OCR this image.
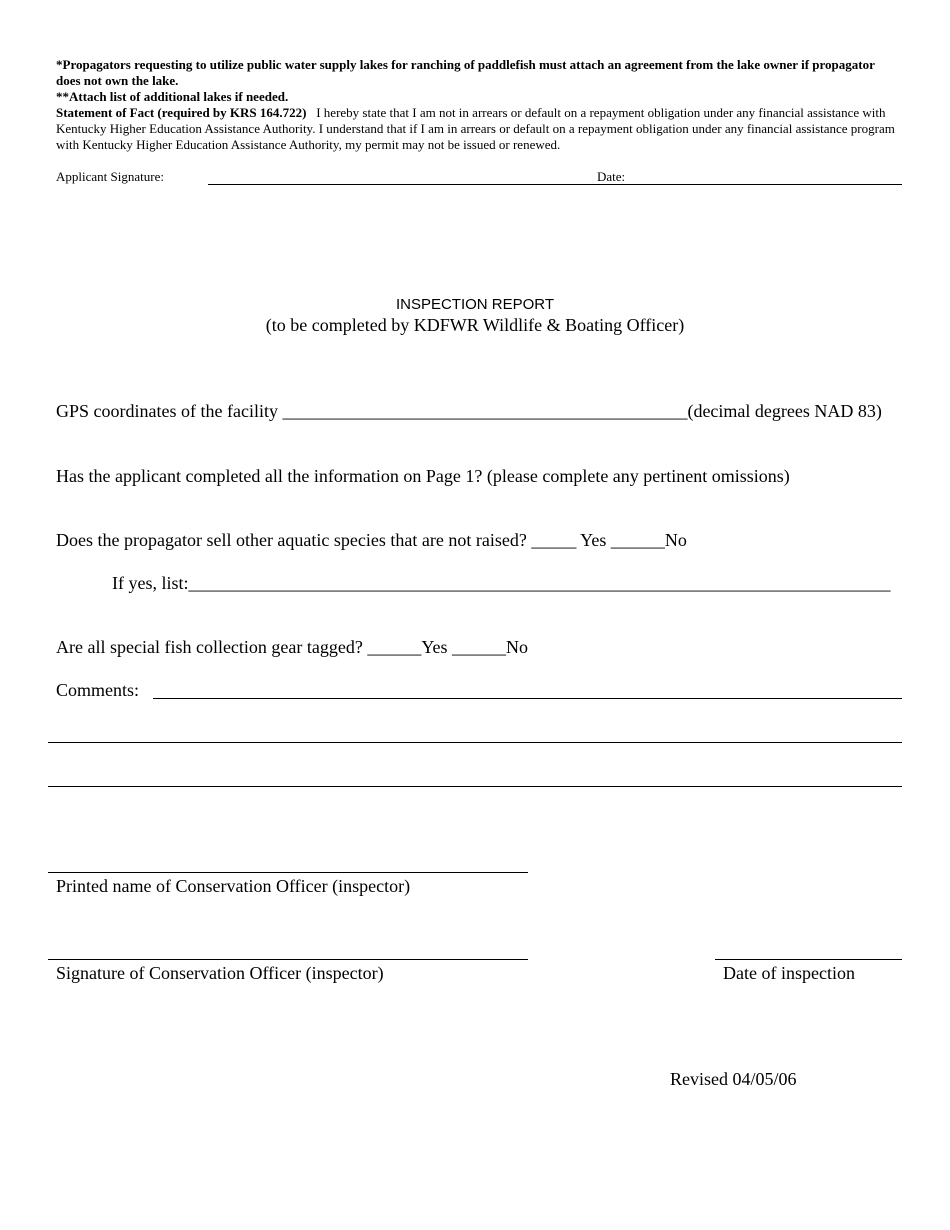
*Propagators requesting to utilize public water supply lakes for ranching of paddlefish must attach an agreement from the lake owner if propagator does not own the lake.
**Attach list of additional lakes if needed.
Statement of Fact (required by KRS 164.722) I hereby state that I am not in arrears or default on a repayment obligation under any financial assistance with Kentucky Higher Education Assistance Authority. I understand that if I am in arrears or default on a repayment obligation under any financial assistance program with Kentucky Higher Education Assistance Authority, my permit may not be issued or renewed.
Applicant Signature:	Date:
INSPECTION REPORT
(to be completed by KDFWR Wildlife & Boating Officer)
GPS coordinates of the facility _____________________________________________(decimal degrees NAD 83)
Has the applicant completed all the information on Page 1? (please complete any pertinent omissions)
Does the propagator sell other aquatic species that are not raised? _____ Yes ______No
If yes, list:______________________________________________________________________________
Are all special fish collection gear tagged? ______Yes ______No
Comments:
Printed name of Conservation Officer (inspector)
Signature of Conservation Officer (inspector)	Date of inspection
Revised 04/05/06
